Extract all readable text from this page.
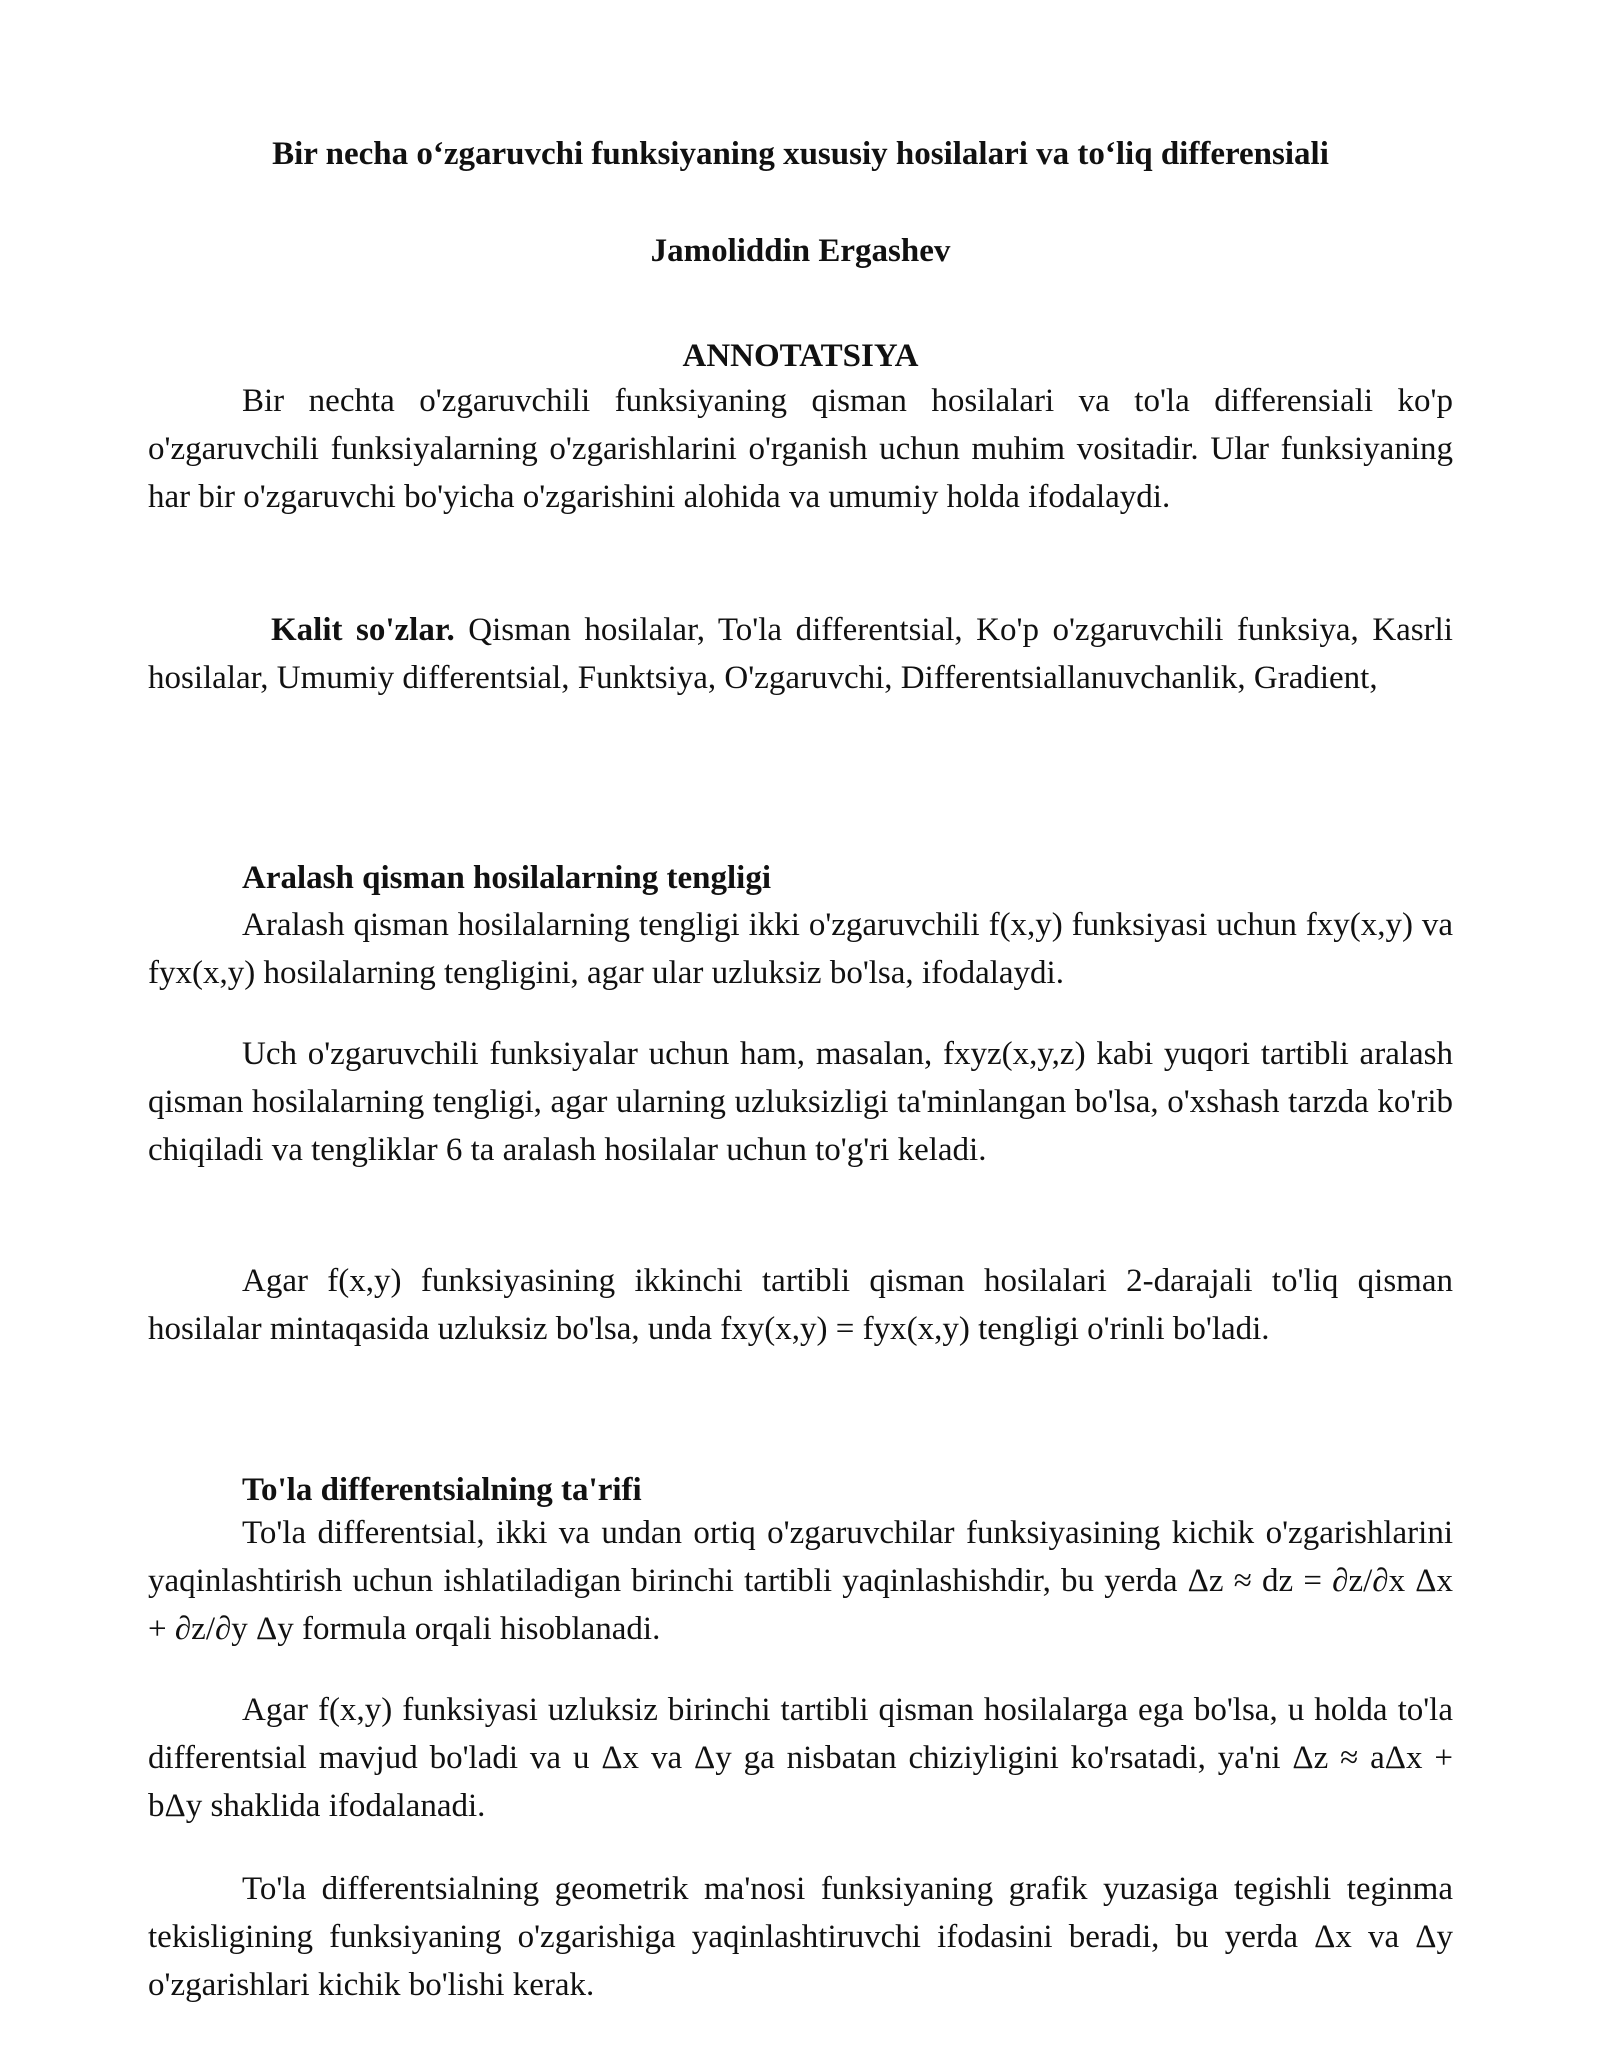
Bir necha o‘zgaruvchi funksiyaning xususiy hosilalari va to‘liq differensiali
Jamoliddin Ergashev
ANNOTATSIYA

Bir nechta o'zgaruvchili funksiyaning qisman hosilalari va to'la differensiali ko'p o'zgaruvchili funksiyalarning o'zgarishlarini o'rganish uchun muhim vositadir. Ular funksiyaning har bir o'zgaruvchi bo'yicha o'zgarishini alohida va umumiy holda ifodalaydi.

Kalit so'zlar. Qisman hosilalar, To'la differentsial, Ko'p o'zgaruvchili funksiya, Kasrli hosilalar, Umumiy differentsial, Funktsiya, O'zgaruvchi, Differentsiallanuvchanlik, Gradient,

Aralash qisman hosilalarning tengligi

Aralash qisman hosilalarning tengligi ikki o'zgaruvchili f(x,y) funksiyasi uchun fxy(x,y) va fyx(x,y) hosilalarning tengligini, agar ular uzluksiz bo'lsa, ifodalaydi.

Uch o'zgaruvchili funksiyalar uchun ham, masalan, fxyz(x,y,z) kabi yuqori tartibli aralash qisman hosilalarning tengligi, agar ularning uzluksizligi ta'minlangan bo'lsa, o'xshash tarzda ko'rib chiqiladi va tengliklar 6 ta aralash hosilalar uchun to'g'ri keladi.

Agar f(x,y) funksiyasining ikkinchi tartibli qisman hosilalari 2-darajali to'liq qisman hosilalar mintaqasida uzluksiz bo'lsa, unda fxy(x,y) = fyx(x,y) tengligi o'rinli bo'ladi.

To'la differentsialning ta'rifi

To'la differentsial, ikki va undan ortiq o'zgaruvchilar funksiyasining kichik o'zgarishlarini yaqinlashtirish uchun ishlatiladigan birinchi tartibli yaqinlashishdir, bu yerda Δz ≈ dz = ∂z/∂x Δx + ∂z/∂y Δy formula orqali hisoblanadi.

Agar f(x,y) funksiyasi uzluksiz birinchi tartibli qisman hosilalarga ega bo'lsa, u holda to'la differentsial mavjud bo'ladi va u Δx va Δy ga nisbatan chiziyligini ko'rsatadi, ya'ni Δz ≈ aΔx + bΔy shaklida ifodalanadi.

To'la differentsialning geometrik ma'nosi funksiyaning grafik yuzasiga tegishli teginma tekisligining funksiyaning o'zgarishiga yaqinlashtiruvchi ifodasini beradi, bu yerda Δx va Δy o'zgarishlari kichik bo'lishi kerak.
